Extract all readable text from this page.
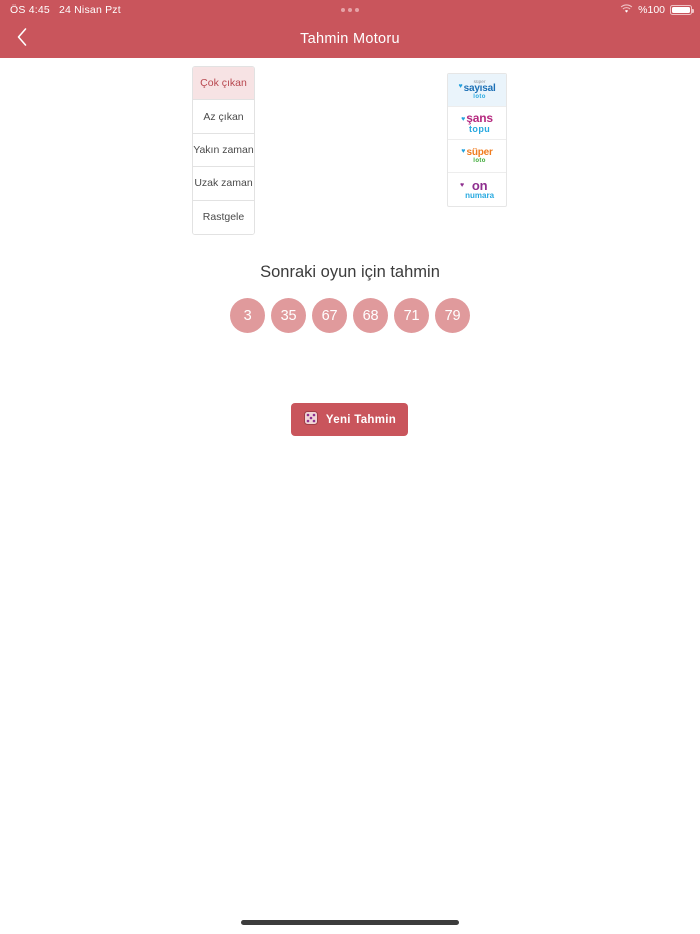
ÖS 4:45 24 Nisan Pzt	%100
Tahmin Motoru
Çok çıkan
Az çıkan
Yakın zaman
Uzak zaman
Rastgele
♥
süper
sayısal
loto
♥ şans
topu
♥ süper
loto
♥ on
numara
Sonraki oyun için tahmin
3	35	67	68	71	79
Yeni Tahmin
